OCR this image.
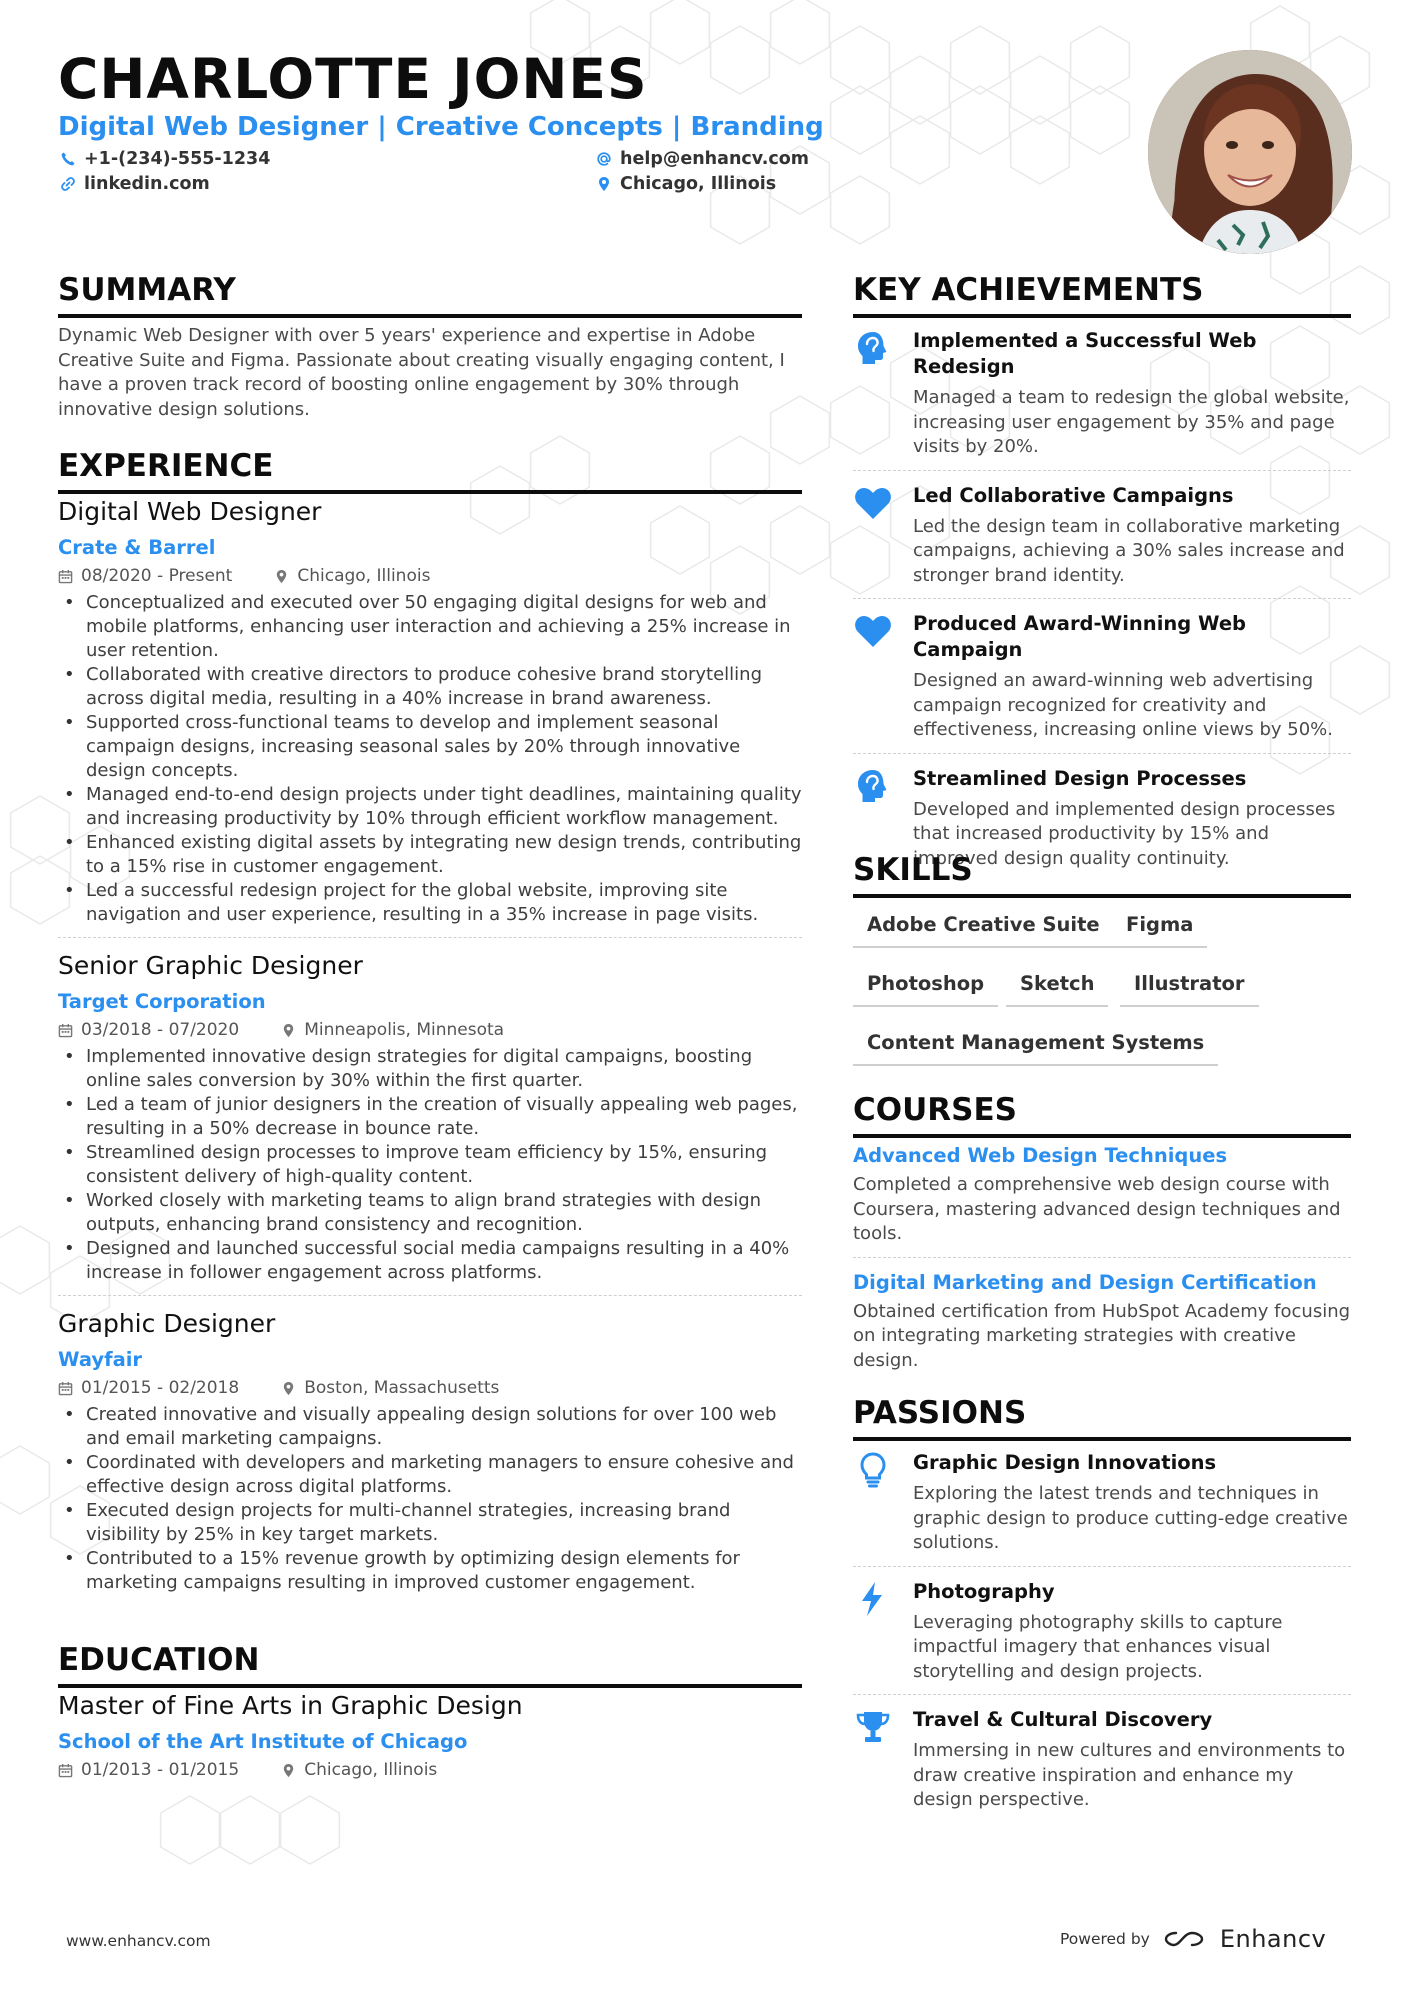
CHARLOTTE JONES
Digital Web Designer | Creative Concepts | Branding
+1-(234)-555-1234
linkedin.com
help@enhancv.com
Chicago, Illinois
SUMMARY
Dynamic Web Designer with over 5 years' experience and expertise in Adobe Creative Suite and Figma. Passionate about creating visually engaging content, I have a proven track record of boosting online engagement by 30% through innovative design solutions.
EXPERIENCE
Digital Web Designer
Crate & Barrel
08/2020 - Present	Chicago, Illinois
• Conceptualized and executed over 50 engaging digital designs for web and mobile platforms, enhancing user interaction and achieving a 25% increase in user retention.
• Collaborated with creative directors to produce cohesive brand storytelling across digital media, resulting in a 40% increase in brand awareness.
• Supported cross-functional teams to develop and implement seasonal campaign designs, increasing seasonal sales by 20% through innovative design concepts.
• Managed end-to-end design projects under tight deadlines, maintaining quality and increasing productivity by 10% through efficient workflow management.
• Enhanced existing digital assets by integrating new design trends, contributing to a 15% rise in customer engagement.
• Led a successful redesign project for the global website, improving site navigation and user experience, resulting in a 35% increase in page visits.
Senior Graphic Designer
Target Corporation
03/2018 - 07/2020	Minneapolis, Minnesota
• Implemented innovative design strategies for digital campaigns, boosting online sales conversion by 30% within the first quarter.
• Led a team of junior designers in the creation of visually appealing web pages, resulting in a 50% decrease in bounce rate.
• Streamlined design processes to improve team efficiency by 15%, ensuring consistent delivery of high-quality content.
• Worked closely with marketing teams to align brand strategies with design outputs, enhancing brand consistency and recognition.
• Designed and launched successful social media campaigns resulting in a 40% increase in follower engagement across platforms.
Graphic Designer
Wayfair
01/2015 - 02/2018	Boston, Massachusetts
• Created innovative and visually appealing design solutions for over 100 web and email marketing campaigns.
• Coordinated with developers and marketing managers to ensure cohesive and effective design across digital platforms.
• Executed design projects for multi-channel strategies, increasing brand visibility by 25% in key target markets.
• Contributed to a 15% revenue growth by optimizing design elements for marketing campaigns resulting in improved customer engagement.
EDUCATION
Master of Fine Arts in Graphic Design
School of the Art Institute of Chicago
01/2013 - 01/2015	Chicago, Illinois
KEY ACHIEVEMENTS
Implemented a Successful Web Redesign
Managed a team to redesign the global website, increasing user engagement by 35% and page visits by 20%.
Led Collaborative Campaigns
Led the design team in collaborative marketing campaigns, achieving a 30% sales increase and stronger brand identity.
Produced Award-Winning Web Campaign
Designed an award-winning web advertising campaign recognized for creativity and effectiveness, increasing online views by 50%.
Streamlined Design Processes
Developed and implemented design processes that increased productivity by 15% and improved design quality continuity.
SKILLS
Adobe Creative Suite	Figma
Photoshop	Sketch	Illustrator
Content Management Systems
COURSES
Advanced Web Design Techniques
Completed a comprehensive web design course with Coursera, mastering advanced design techniques and tools.
Digital Marketing and Design Certification
Obtained certification from HubSpot Academy focusing on integrating marketing strategies with creative design.
PASSIONS
Graphic Design Innovations
Exploring the latest trends and techniques in graphic design to produce cutting-edge creative solutions.
Photography
Leveraging photography skills to capture impactful imagery that enhances visual storytelling and design projects.
Travel & Cultural Discovery
Immersing in new cultures and environments to draw creative inspiration and enhance my design perspective.
www.enhancv.com	Powered by	Enhancv
